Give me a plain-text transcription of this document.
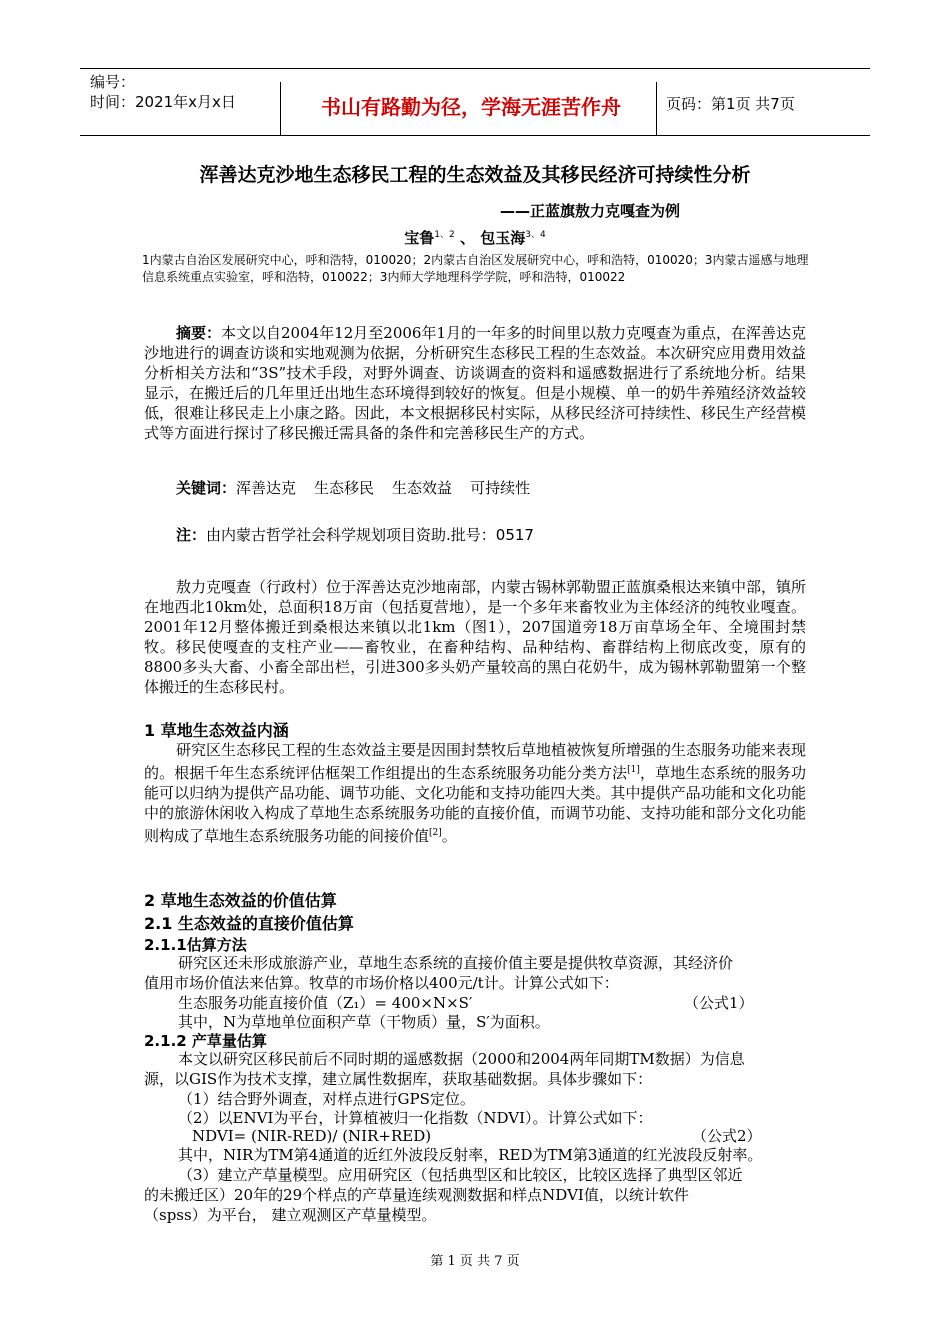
编号：
时间：2021年x月x日	书山有路勤为径，学海无涯苦作舟	页码：第1页 共7页
浑善达克沙地生态移民工程的生态效益及其移民经济可持续性分析
——正蓝旗敖力克嘎查为例
宝鲁$^{1、2}$ 、 包玉海$^{3、4}$
1内蒙古自治区发展研究中心，呼和浩特，010020；2内蒙古自治区发展研究中心，呼和浩特，010020；3内蒙古遥感与地理信息系统重点实验室，呼和浩特，010022；3内师大学地理科学学院，呼和浩特，010022

摘要：本文以自2004年12月至2006年1月的一年多的时间里以敖力克嘎查为重点，在浑善达克沙地进行的调查访谈和实地观测为依据，分析研究生态移民工程的生态效益。本次研究应用费用效益分析相关方法和“3S”技术手段，对野外调查、访谈调查的资料和遥感数据进行了系统地分析。结果显示，在搬迁后的几年里迁出地生态环境得到较好的恢复。但是小规模、单一的奶牛养殖经济效益较低，很难让移民走上小康之路。因此，本文根据移民村实际，从移民经济可持续性、移民生产经营模式等方面进行探讨了移民搬迁需具备的条件和完善移民生产的方式。

关键词：浑善达克 生态移民 生态效益 可持续性
注：由内蒙古哲学社会科学规划项目资助.批号：0517

敖力克嘎查（行政村）位于浑善达克沙地南部，内蒙古锡林郭勒盟正蓝旗桑根达来镇中部，镇所在地西北10km处，总面积18万亩（包括夏营地），是一个多年来畜牧业为主体经济的纯牧业嘎查。2001年12月整体搬迁到桑根达来镇以北1km（图1），207国道旁18万亩草场全年、全境围封禁牧。移民使嘎查的支柱产业——畜牧业，在畜种结构、品种结构、畜群结构上彻底改变，原有的8800多头大畜、小畜全部出栏，引进300多头奶产量较高的黑白花奶牛，成为锡林郭勒盟第一个整体搬迁的生态移民村。

1 草地生态效益内涵

研究区生态移民工程的生态效益主要是因围封禁牧后草地植被恢复所增强的生态服务功能来表现的。根据千年生态系统评估框架工作组提出的生态系统服务功能分类方法[1]，草地生态系统的服务功能可以归纳为提供产品功能、调节功能、文化功能和支持功能四大类。其中提供产品功能和文化功能中的旅游休闲收入构成了草地生态系统服务功能的直接价值，而调节功能、支持功能和部分文化功能则构成了草地生态系统服务功能的间接价值[2]。

2 草地生态效益的价值估算
2.1 生态效益的直接价值估算
2.1.1估算方法
研究区还未形成旅游产业，草地生态系统的直接价值主要是提供牧草资源，其经济价
值用市场价值法来估算。牧草的市场价格以400元/t计。计算公式如下：
生态服务功能直接价值（Z₁）= 400×N×S′	（公式1）
其中，N为草地单位面积产草（干物质）量，S′为面积。
2.1.2 产草量估算
本文以研究区移民前后不同时期的遥感数据（2000和2004两年同期TM数据）为信息
源，以GIS作为技术支撑，建立属性数据库，获取基础数据。具体步骤如下：
（1）结合野外调查，对样点进行GPS定位。
（2）以ENVI为平台，计算植被归一化指数（NDVI）。计算公式如下：
NDVI= (NIR-RED)/ (NIR+RED)	（公式2）
其中，NIR为TM第4通道的近红外波段反射率，RED为TM第3通道的红光波段反射率。
（3）建立产草量模型。应用研究区（包括典型区和比较区，比较区选择了典型区邻近
的未搬迁区）20年的29个样点的产草量连续观测数据和样点NDVI值，以统计软件
（spss）为平台， 建立观测区产草量模型。
第 1 页 共 7 页
